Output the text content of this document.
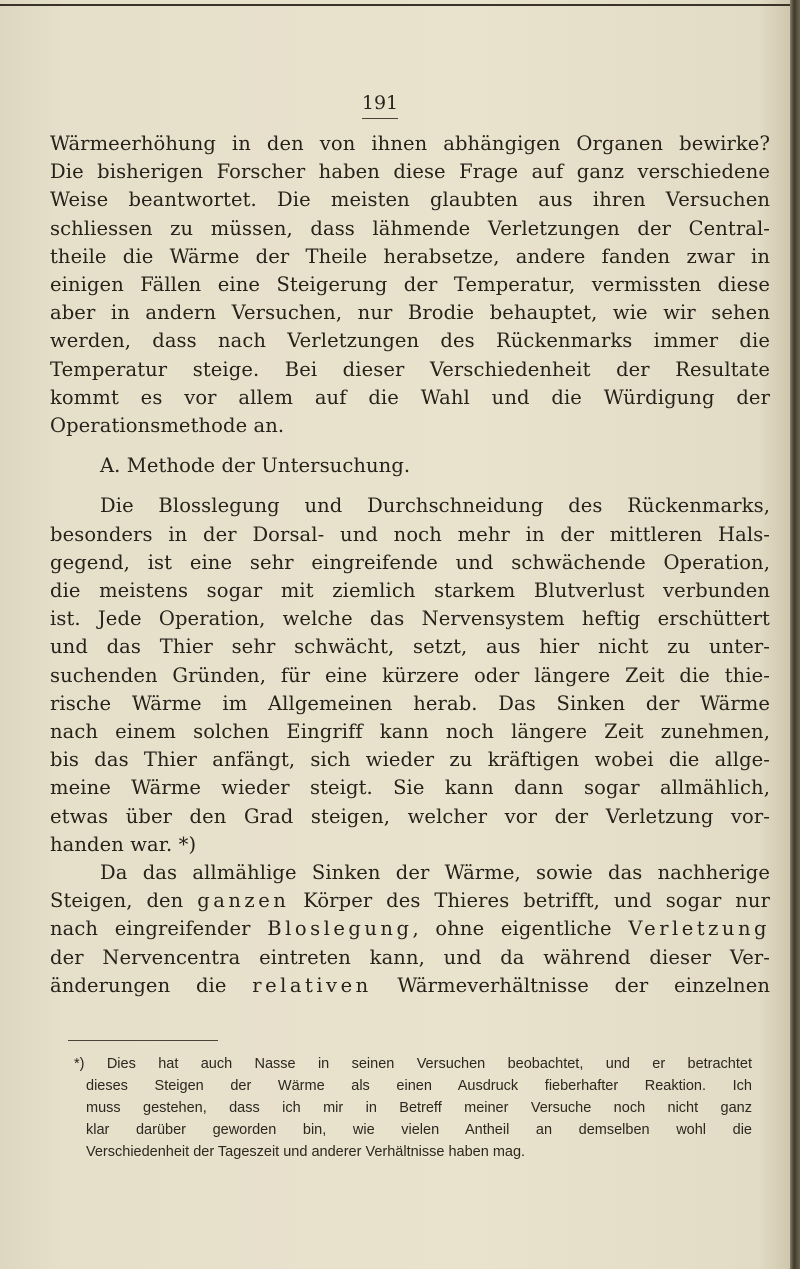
191
Wärmeerhöhung in den von ihnen abhängigen Organen bewirke?
Die bisherigen Forscher haben diese Frage auf ganz verschiedene
Weise beantwortet. Die meisten glaubten aus ihren Versuchen
schliessen zu müssen, dass lähmende Verletzungen der Central-
theile die Wärme der Theile herabsetze, andere fanden zwar in
einigen Fällen eine Steigerung der Temperatur, vermissten diese
aber in andern Versuchen, nur Brodie behauptet, wie wir sehen
werden, dass nach Verletzungen des Rückenmarks immer die
Temperatur steige. Bei dieser Verschiedenheit der Resultate
kommt es vor allem auf die Wahl und die Würdigung der
Operationsmethode an.
A. Methode der Untersuchung.
Die Blosslegung und Durchschneidung des Rückenmarks,
besonders in der Dorsal- und noch mehr in der mittleren Hals-
gegend, ist eine sehr eingreifende und schwächende Operation,
die meistens sogar mit ziemlich starkem Blutverlust verbunden
ist. Jede Operation, welche das Nervensystem heftig erschüttert
und das Thier sehr schwächt, setzt, aus hier nicht zu unter-
suchenden Gründen, für eine kürzere oder längere Zeit die thie-
rische Wärme im Allgemeinen herab. Das Sinken der Wärme
nach einem solchen Eingriff kann noch längere Zeit zunehmen,
bis das Thier anfängt, sich wieder zu kräftigen wobei die allge-
meine Wärme wieder steigt. Sie kann dann sogar allmählich,
etwas über den Grad steigen, welcher vor der Verletzung vor-
handen war. *)
Da das allmählige Sinken der Wärme, sowie das nachherige
Steigen, den ganzen Körper des Thieres betrifft, und sogar nur
nach eingreifender Bloslegung, ohne eigentliche Verletzung
der Nervencentra eintreten kann, und da während dieser Ver-
änderungen die relativen Wärmeverhältnisse der einzelnen
*) Dies hat auch Nasse in seinen Versuchen beobachtet, und er betrachtet
dieses Steigen der Wärme als einen Ausdruck fieberhafter Reaktion. Ich
muss gestehen, dass ich mir in Betreff meiner Versuche noch nicht ganz
klar darüber geworden bin, wie vielen Antheil an demselben wohl die
Verschiedenheit der Tageszeit und anderer Verhältnisse haben mag.
